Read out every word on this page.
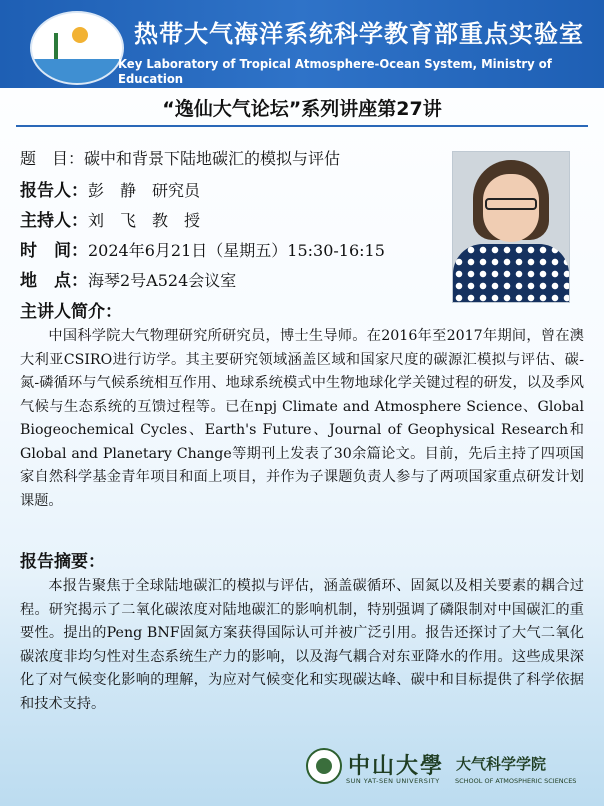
热带大气海洋系统科学教育部重点实验室
Key Laboratory of Tropical Atmosphere-Ocean System, Ministry of Education
“逸仙大气论坛”系列讲座第27讲
题　目：碳中和背景下陆地碳汇的模拟与评估
报告人：彭　静　研究员
主持人：刘　飞　教　授
时　间：2024年6月21日（星期五）15:30-16:15
地　点：海琴2号A524会议室
主讲人简介：
中国科学院大气物理研究所研究员，博士生导师。在2016年至2017年期间，曾在澳大利亚CSIRO进行访学。其主要研究领域涵盖区域和国家尺度的碳源汇模拟与评估、碳-氮-磷循环与气候系统相互作用、地球系统模式中生物地球化学关键过程的研发，以及季风气候与生态系统的互馈过程等。已在npj Climate and Atmosphere Science、Global Biogeochemical Cycles、Earth's Future、Journal of Geophysical Research和Global and Planetary Change等期刊上发表了30余篇论文。目前，先后主持了四项国家自然科学基金青年项目和面上项目，并作为子课题负责人参与了两项国家重点研发计划课题。
报告摘要：
本报告聚焦于全球陆地碳汇的模拟与评估，涵盖碳循环、固氮以及相关要素的耦合过程。研究揭示了二氧化碳浓度对陆地碳汇的影响机制，特别强调了磷限制对中国碳汇的重要性。提出的Peng BNF固氮方案获得国际认可并被广泛引用。报告还探讨了大气二氧化碳浓度非均匀性对生态系统生产力的影响，以及海气耦合对东亚降水的作用。这些成果深化了对气候变化影响的理解，为应对气候变化和实现碳达峰、碳中和目标提供了科学依据和技术支持。
中山大學 大气科学学院
SUN YAT-SEN UNIVERSITY SCHOOL OF ATMOSPHERIC SCIENCES
